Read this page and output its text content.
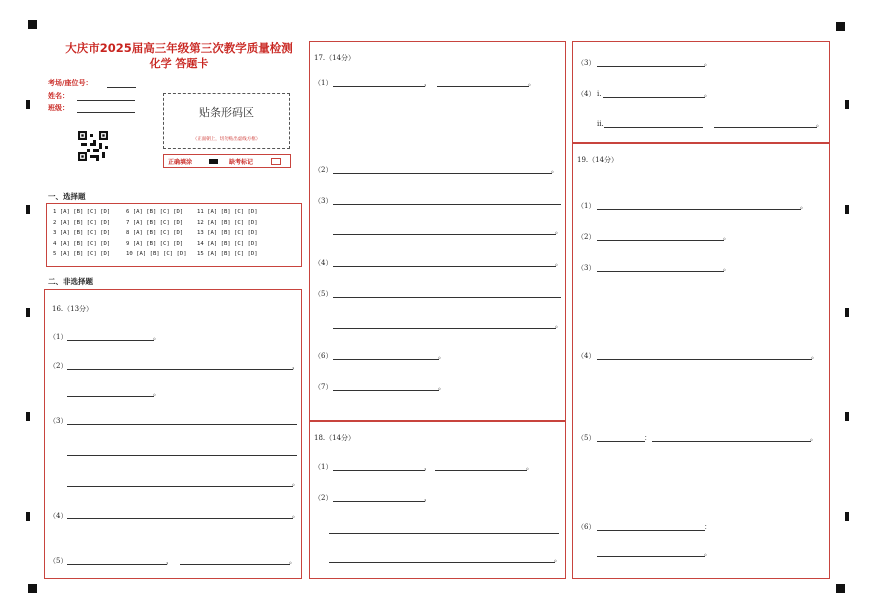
大庆市2025届高三年级第三次教学质量检测
化学 答题卡
考场/座位号：
姓名：
班级：	贴条形码区
（正面朝上，切勿贴出虚线方框）
正确填涂	缺考标记
一、选择题
1 [A] [B] [C] [D]	6 [A] [B] [C] [D] 11 [A] [B] [C] [D]
2 [A] [B] [C] [D]	7 [A] [B] [C] [D] 12 [A] [B] [C] [D]
3 [A] [B] [C] [D]	8 [A] [B] [C] [D] 13 [A] [B] [C] [D]
4 [A] [B] [C] [D]	9 [A] [B] [C] [D] 14 [A] [B] [C] [D]
5 [A] [B] [C] [D]	10 [A] [B] [C] [D] 15 [A] [B] [C] [D]
二、非选择题
16.（13分）
（1）	。
（2）	，
。
（3）
。
（4）	。
（5）	，	。
17.（14分）
（1）	，	。
（2）	。
（3）
。
（4）	。
（5）
。
（6）	。
（7）	。
18.（14分）
（1）	，	。
（2）	，
。
（3）	。
（4） i.	。
ii.	。
19.（14分）
（1）	。
（2）	。
（3）	。
（4）	。
（5）	：	。
（6）	：
。
